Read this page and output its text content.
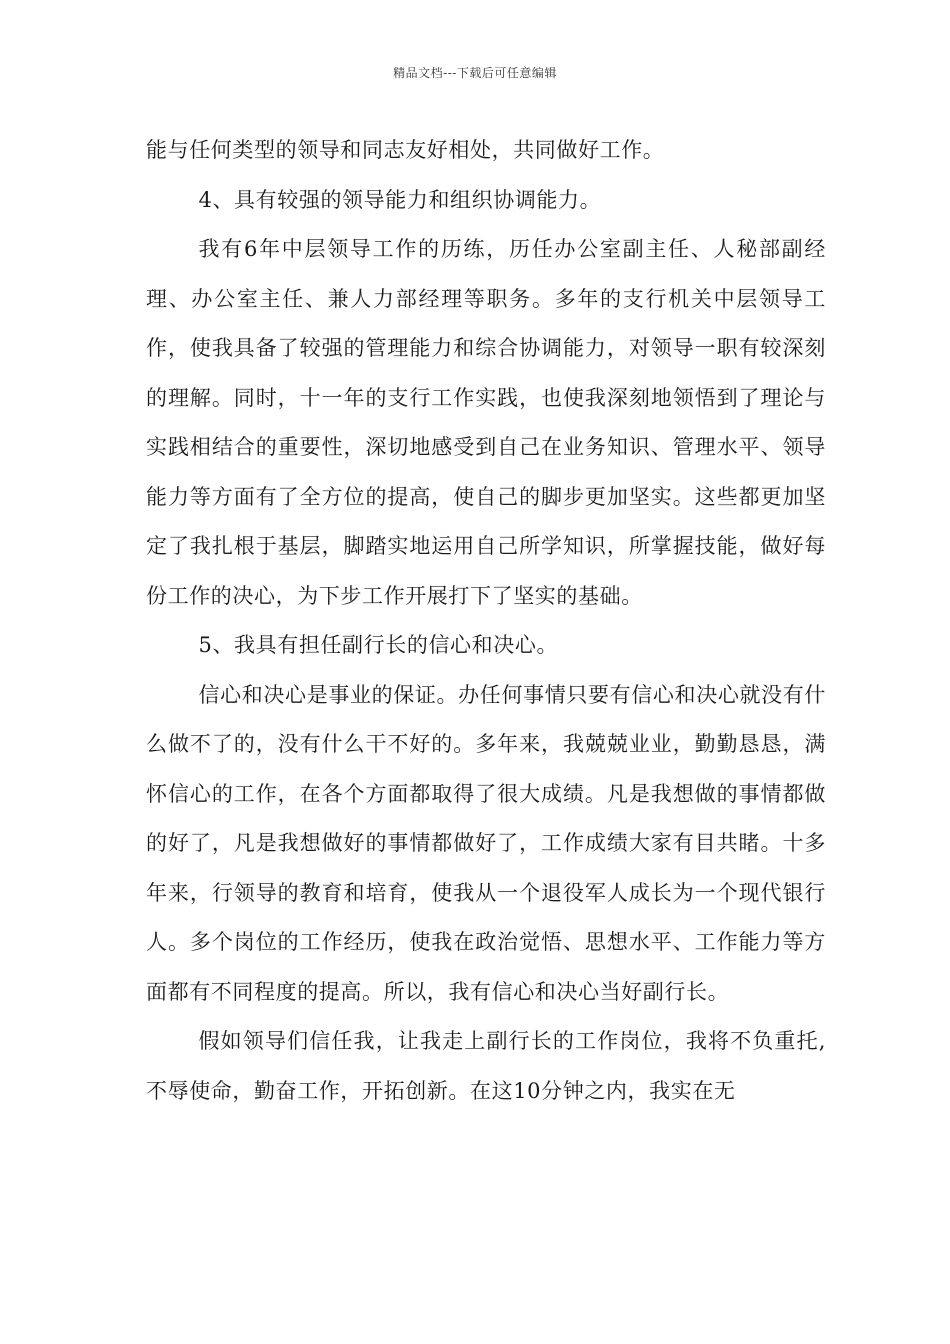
精品文档---下载后可任意编辑

能与任何类型的领导和同志友好相处，共同做好工作。

4、具有较强的领导能力和组织协调能力。

我有6年中层领导工作的历练，历任办公室副主任、人秘部副经理、办公室主任、兼人力部经理等职务。多年的支行机关中层领导工作，使我具备了较强的管理能力和综合协调能力，对领导一职有较深刻的理解。同时，十一年的支行工作实践，也使我深刻地领悟到了理论与实践相结合的重要性，深切地感受到自己在业务知识、管理水平、领导能力等方面有了全方位的提高，使自己的脚步更加坚实。这些都更加坚定了我扎根于基层，脚踏实地运用自己所学知识，所掌握技能，做好每份工作的决心，为下步工作开展打下了坚实的基础。

5、我具有担任副行长的信心和决心。

信心和决心是事业的保证。办任何事情只要有信心和决心就没有什么做不了的，没有什么干不好的。多年来，我兢兢业业，勤勤恳恳，满怀信心的工作，在各个方面都取得了很大成绩。凡是我想做的事情都做的好了，凡是我想做好的事情都做好了，工作成绩大家有目共睹。十多年来，行领导的教育和培育，使我从一个退役军人成长为一个现代银行人。多个岗位的工作经历，使我在政治觉悟、思想水平、工作能力等方面都有不同程度的提高。所以，我有信心和决心当好副行长。

假如领导们信任我，让我走上副行长的工作岗位，我将不负重托,不辱使命，勤奋工作，开拓创新。在这10分钟之内，我实在无
